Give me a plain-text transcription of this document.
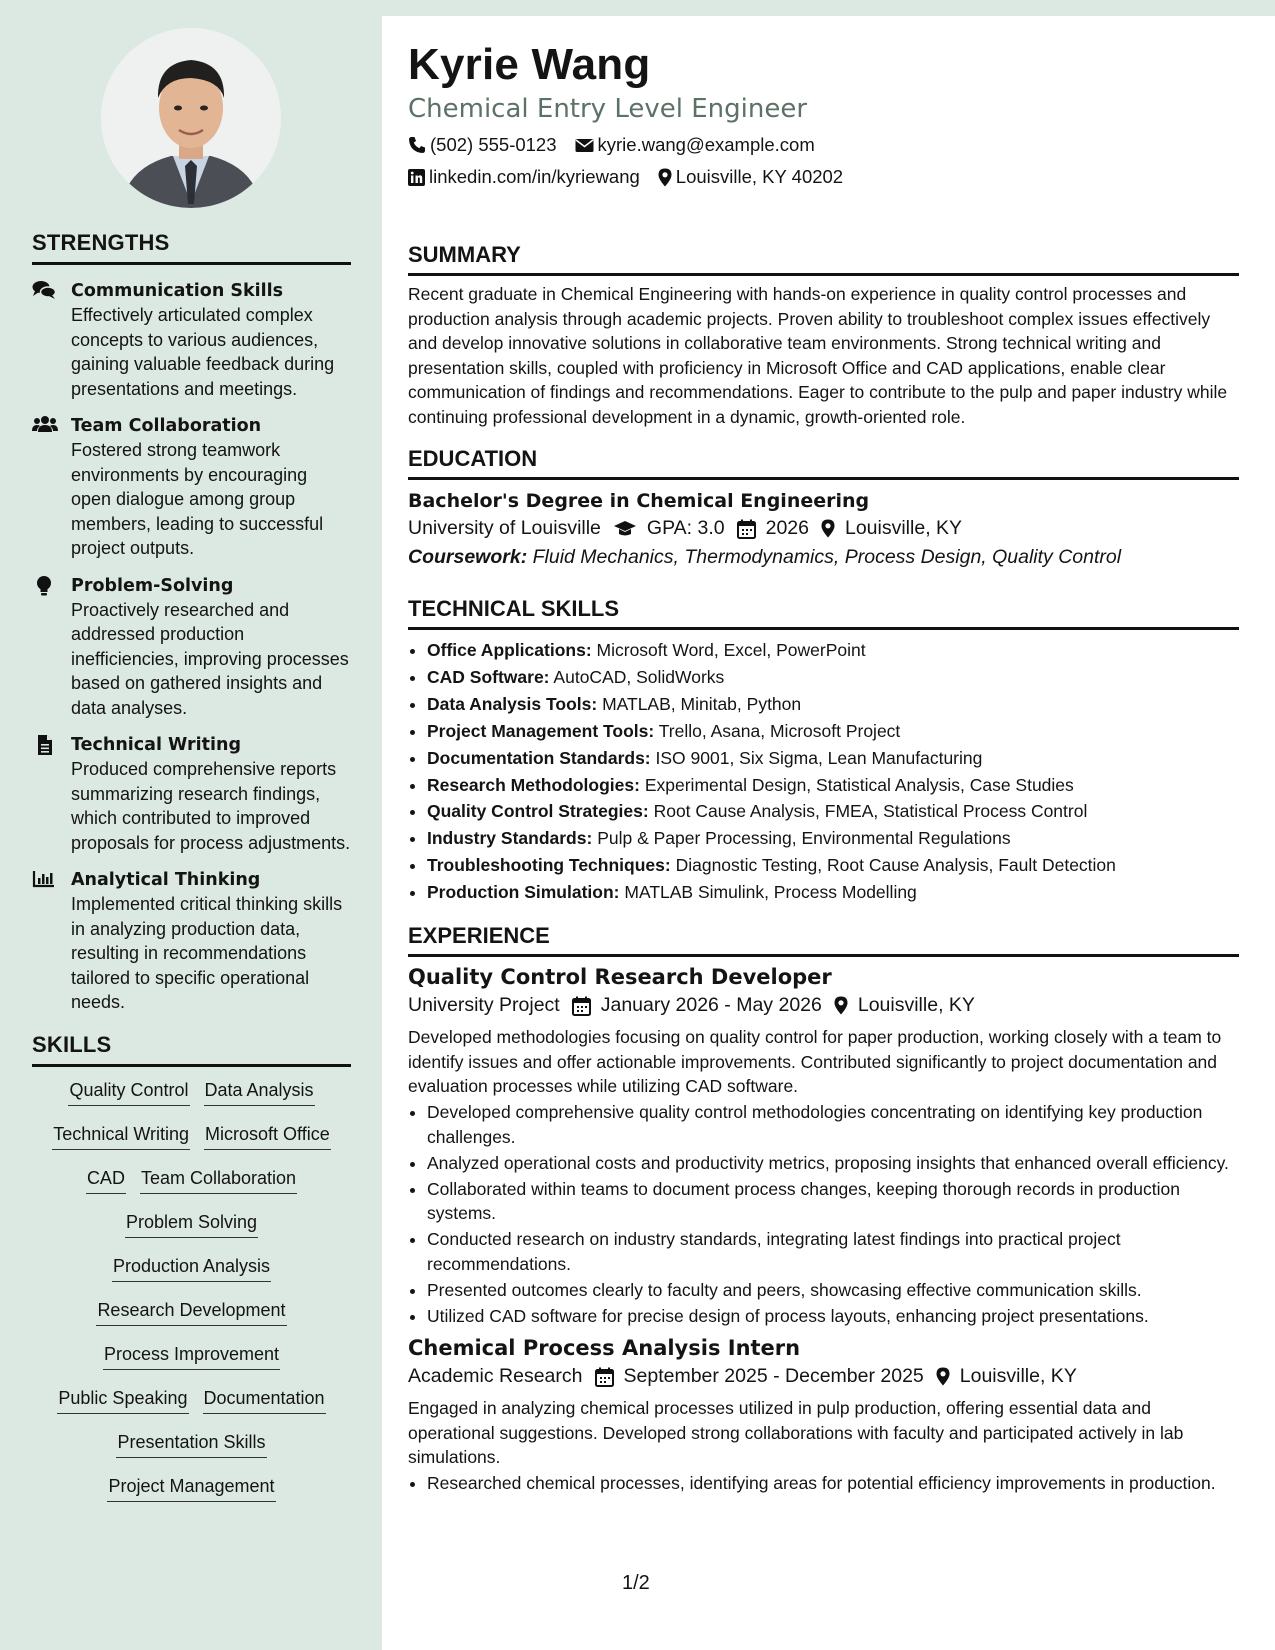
STRENGTHS
Communication Skills
Effectively articulated complex concepts to various audiences, gaining valuable feedback during presentations and meetings.
Team Collaboration
Fostered strong teamwork environments by encouraging open dialogue among group members, leading to successful project outputs.
Problem-Solving
Proactively researched and addressed production inefficiencies, improving processes based on gathered insights and data analyses.
Technical Writing
Produced comprehensive reports summarizing research findings, which contributed to improved proposals for process adjustments.
Analytical Thinking
Implemented critical thinking skills in analyzing production data, resulting in recommendations tailored to specific operational needs.
SKILLS
Quality Control Data Analysis
Technical Writing Microsoft Office
CAD Team Collaboration
Problem Solving
Production Analysis
Research Development
Process Improvement
Public Speaking Documentation
Presentation Skills
Project Management
Kyrie Wang
Chemical Entry Level Engineer
(502) 555-0123 kyrie.wang@example.com
linkedin.com/in/kyriewang Louisville, KY 40202
SUMMARY

Recent graduate in Chemical Engineering with hands-on experience in quality control processes and production analysis through academic projects. Proven ability to troubleshoot complex issues effectively and develop innovative solutions in collaborative team environments. Strong technical writing and presentation skills, coupled with proficiency in Microsoft Office and CAD applications, enable clear communication of findings and recommendations. Eager to contribute to the pulp and paper industry while continuing professional development in a dynamic, growth-oriented role.

EDUCATION
Bachelor's Degree in Chemical Engineering
University of Louisville GPA: 3.0 2026 Louisville, KY
Coursework: Fluid Mechanics, Thermodynamics, Process Design, Quality Control
TECHNICAL SKILLS
• Office Applications: Microsoft Word, Excel, PowerPoint
• CAD Software: AutoCAD, SolidWorks
• Data Analysis Tools: MATLAB, Minitab, Python
• Project Management Tools: Trello, Asana, Microsoft Project
• Documentation Standards: ISO 9001, Six Sigma, Lean Manufacturing
• Research Methodologies: Experimental Design, Statistical Analysis, Case Studies
• Quality Control Strategies: Root Cause Analysis, FMEA, Statistical Process Control
• Industry Standards: Pulp & Paper Processing, Environmental Regulations
• Troubleshooting Techniques: Diagnostic Testing, Root Cause Analysis, Fault Detection
• Production Simulation: MATLAB Simulink, Process Modelling
EXPERIENCE
Quality Control Research Developer
University Project January 2026 - May 2026 Louisville, KY

Developed methodologies focusing on quality control for paper production, working closely with a team to identify issues and offer actionable improvements. Contributed significantly to project documentation and evaluation processes while utilizing CAD software.

• Developed comprehensive quality control methodologies concentrating on identifying key production challenges.
• Analyzed operational costs and productivity metrics, proposing insights that enhanced overall efficiency.
• Collaborated within teams to document process changes, keeping thorough records in production systems.
• Conducted research on industry standards, integrating latest findings into practical project recommendations.
• Presented outcomes clearly to faculty and peers, showcasing effective communication skills.
• Utilized CAD software for precise design of process layouts, enhancing project presentations.
Chemical Process Analysis Intern
Academic Research September 2025 - December 2025 Louisville, KY

Engaged in analyzing chemical processes utilized in pulp production, offering essential data and operational suggestions. Developed strong collaborations with faculty and participated actively in lab simulations.

• Researched chemical processes, identifying areas for potential efficiency improvements in production.
1/2
